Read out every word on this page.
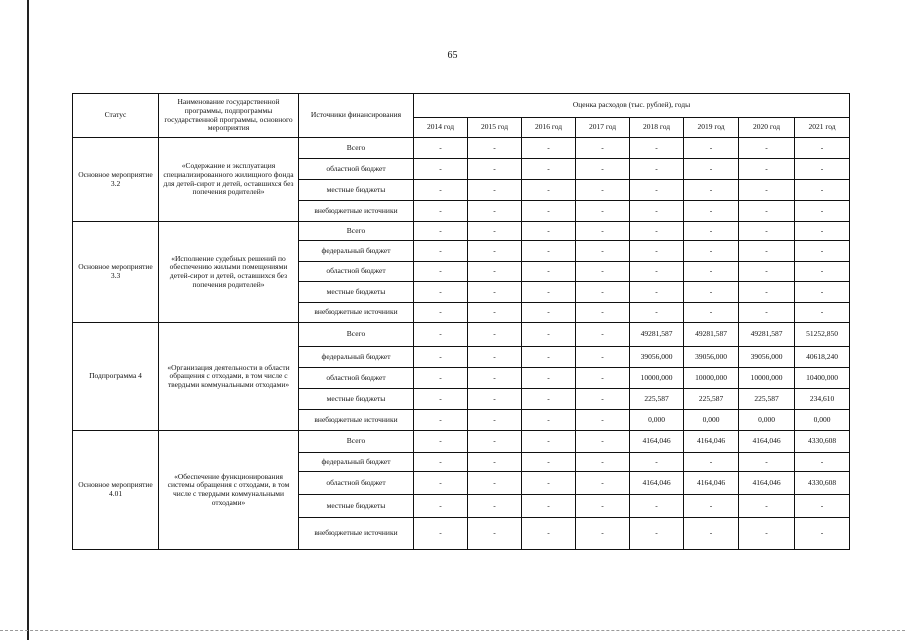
65
Статус	Наименование государственной программы, подпрограммы государственной программы, основного мероприятия	Источники финансирования	Оценка расходов (тыс. рублей), годы							
			2014 год	2015 год	2016 год	2017 год	2018 год	2019 год	2020 год	2021 год
Основное мероприятие 3.2	«Содержание и эксплуатация специализированного жилищного фонда для детей-сирот и детей, оставшихся без попечения родителей»	Всего	-	-	-	-	-	-	-	-
		областной бюджет	-	-	-	-	-	-	-	-
		местные бюджеты	-	-	-	-	-	-	-	-
		внебюджетные источники	-	-	-	-	-	-	-	-
Основное мероприятие 3.3	«Исполнение судебных решений по обеспечению жилыми помещениями детей-сирот и детей, оставшихся без попечения родителей»	Всего	-	-	-	-	-	-	-	-
		федеральный бюджет	-	-	-	-	-	-	-	-
		областной бюджет	-	-	-	-	-	-	-	-
		местные бюджеты	-	-	-	-	-	-	-	-
		внебюджетные источники	-	-	-	-	-	-	-	-
Подпрограмма 4	«Организация деятельности в области обращения с отходами, в том числе с твердыми коммунальными отходами»	Всего	-	-	-	-	49281,587	49281,587	49281,587	51252,850
		федеральный бюджет	-	-	-	-	39056,000	39056,000	39056,000	40618,240
		областной бюджет	-	-	-	-	10000,000	10000,000	10000,000	10400,000
		местные бюджеты	-	-	-	-	225,587	225,587	225,587	234,610
		внебюджетные источники	-	-	-	-	0,000	0,000	0,000	0,000
Основное мероприятие 4.01	«Обеспечение функционирования системы обращения с отходами, в том числе с твердыми коммунальными отходами»	Всего	-	-	-	-	4164,046	4164,046	4164,046	4330,608
		федеральный бюджет	-	-	-	-	-	-	-	-
		областной бюджет	-	-	-	-	4164,046	4164,046	4164,046	4330,608
		местные бюджеты	-	-	-	-	-	-	-	-
		внебюджетные источники	-	-	-	-	-	-	-	-
